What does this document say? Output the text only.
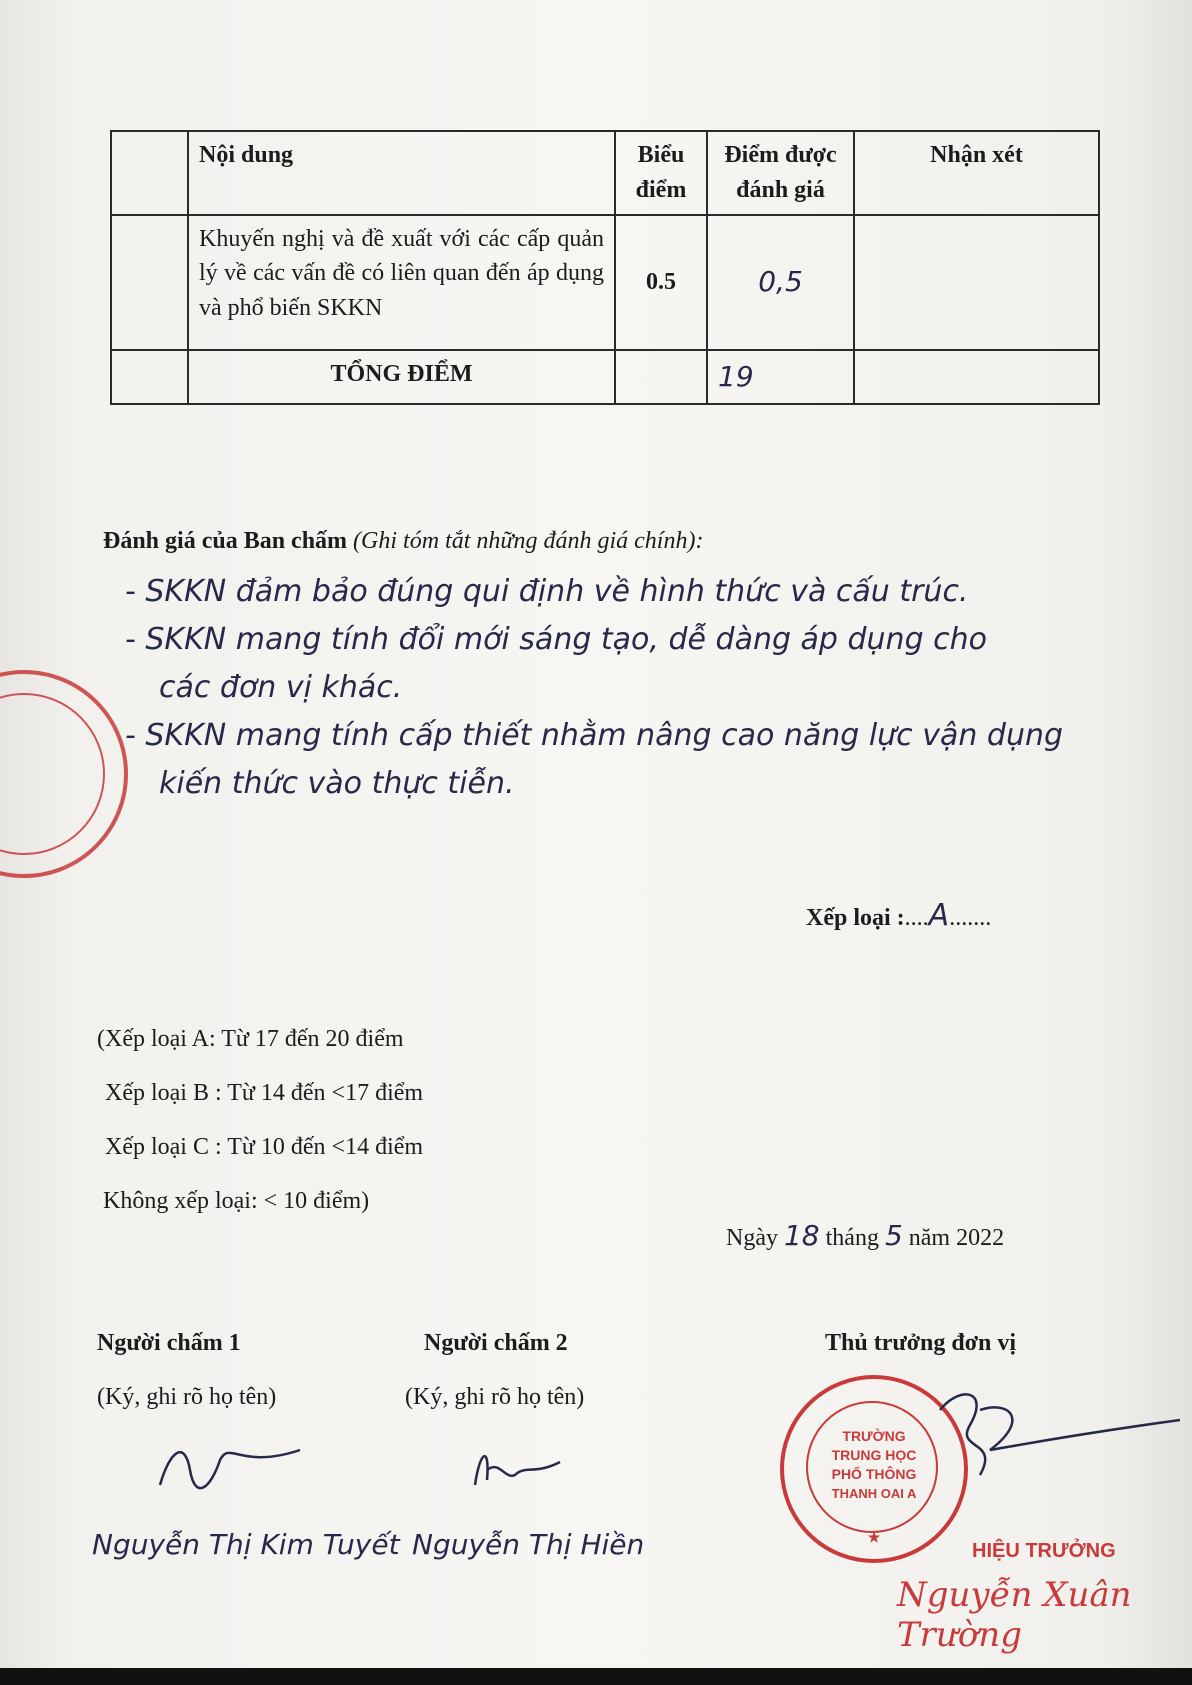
	Nội dung	Biểu điểm	Điểm được đánh giá	Nhận xét
	Khuyến nghị và đề xuất với các cấp quản lý về các vấn đề có liên quan đến áp dụng và phổ biến SKKN	0.5	0,5	
	TỔNG ĐIỂM		19	
Đánh giá của Ban chấm (Ghi tóm tắt những đánh giá chính):
- SKKN đảm bảo đúng qui định về hình thức và cấu trúc.
- SKKN mang tính đổi mới sáng tạo, dễ dàng áp dụng cho
các đơn vị khác.
- SKKN mang tính cấp thiết nhằm nâng cao năng lực vận dụng
kiến thức vào thực tiễn.
Xếp loại :....A.......
(Xếp loại A: Từ 17 đến 20 điểm
Xếp loại B : Từ 14 đến <17 điểm
Xếp loại C : Từ 10 đến <14 điểm
Không xếp loại: < 10 điểm)
Ngày 18 tháng 5 năm 2022
Người chấm 1
(Ký, ghi rõ họ tên)
Nguyễn Thị Kim Tuyết
Người chấm 2
(Ký, ghi rõ họ tên)
Nguyễn Thị Hiền
Thủ trưởng đơn vị
TRƯỜNG
TRUNG HỌC
PHỔ THÔNG
THANH OAI A
★
HIỆU TRƯỞNG
Nguyễn Xuân Trường
